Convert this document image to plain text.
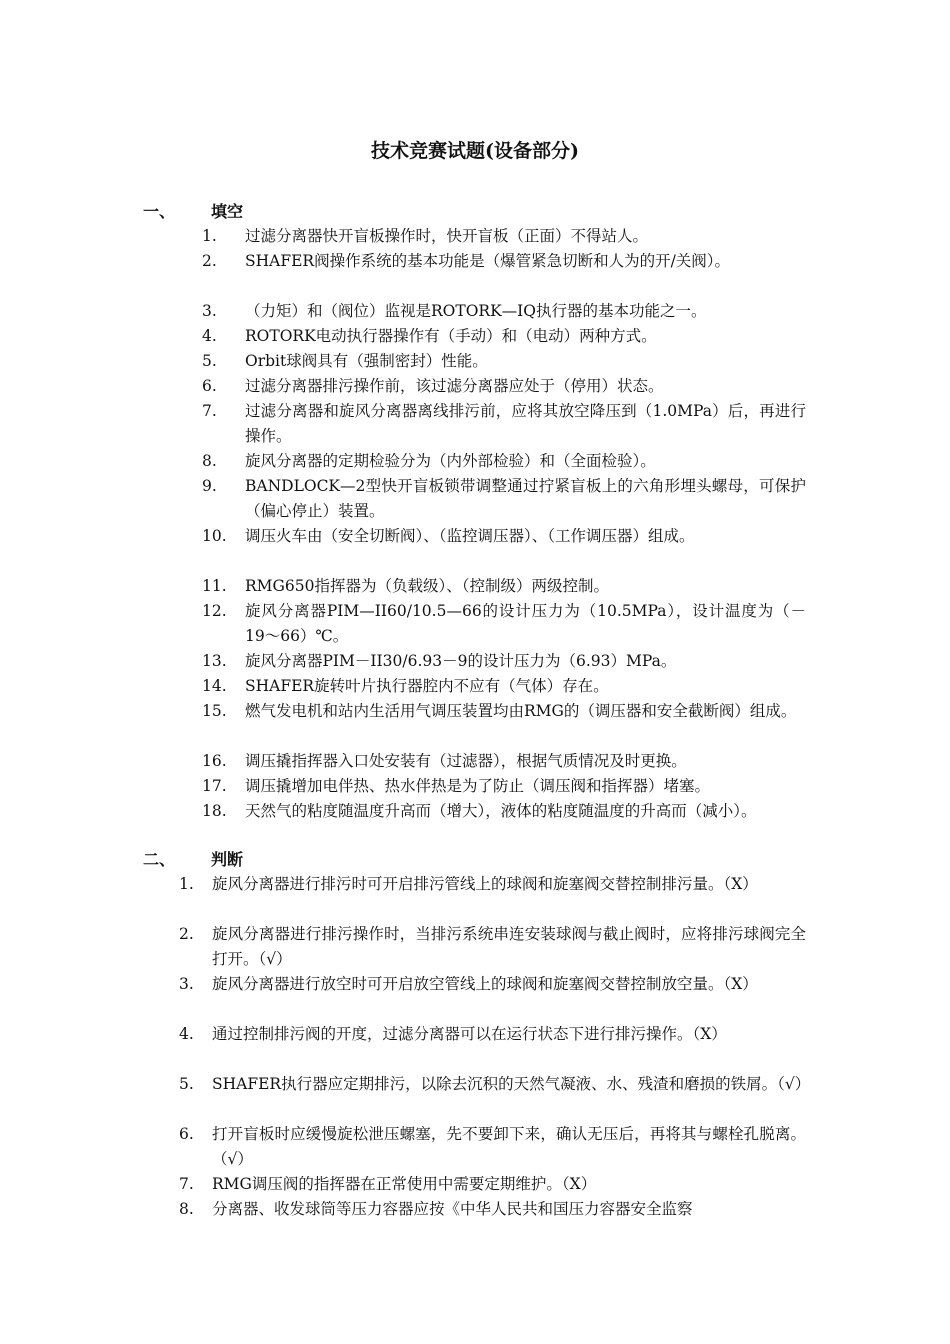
技术竞赛试题(设备部分)
一、 填空
1.	过滤分离器快开盲板操作时，快开盲板（正面）不得站人。
2.	SHAFER阀操作系统的基本功能是（爆管紧急切断和人为的开/关阀）。
3.	（力矩）和（阀位）监视是ROTORK—IQ执行器的基本功能之一。
4.	ROTORK电动执行器操作有（手动）和（电动）两种方式。
5.	Orbit球阀具有（强制密封）性能。
6.	过滤分离器排污操作前，该过滤分离器应处于（停用）状态。
7.	过滤分离器和旋风分离器离线排污前，应将其放空降压到（1.0MPa）后，再进行操作。
8.	旋风分离器的定期检验分为（内外部检验）和（全面检验）。
9.	BANDLOCK—2型快开盲板锁带调整通过拧紧盲板上的六角形埋头螺母，可保护（偏心停止）装置。
10.	调压火车由（安全切断阀）、（监控调压器）、（工作调压器）组成。
11.	RMG650指挥器为（负载级）、（控制级）两级控制。
12.	旋风分离器PIM—II60/10.5—66的设计压力为（10.5MPa），设计温度为（－19～66）℃。
13.	旋风分离器PIM－II30/6.93－9的设计压力为（6.93）MPa。
14.	SHAFER旋转叶片执行器腔内不应有（气体）存在。
15.	燃气发电机和站内生活用气调压装置均由RMG的（调压器和安全截断阀）组成。
16.	调压撬指挥器入口处安装有（过滤器），根据气质情况及时更换。
17.	调压撬增加电伴热、热水伴热是为了防止（调压阀和指挥器）堵塞。
18.	天然气的粘度随温度升高而（增大），液体的粘度随温度的升高而（减小）。
二、 判断
1. 旋风分离器进行排污时可开启排污管线上的球阀和旋塞阀交替控制排污量。（X）
2. 旋风分离器进行排污操作时，当排污系统串连安装球阀与截止阀时，应将排污球阀完全打开。（√）
3. 旋风分离器进行放空时可开启放空管线上的球阀和旋塞阀交替控制放空量。（X）
4. 通过控制排污阀的开度，过滤分离器可以在运行状态下进行排污操作。（X）
5. SHAFER执行器应定期排污，以除去沉积的天然气凝液、水、残渣和磨损的铁屑。（√）
6. 打开盲板时应缓慢旋松泄压螺塞，先不要卸下来，确认无压后，再将其与螺栓孔脱离。（√）
7. RMG调压阀的指挥器在正常使用中需要定期维护。（X）
8. 分离器、收发球筒等压力容器应按《中华人民共和国压力容器安全监察
